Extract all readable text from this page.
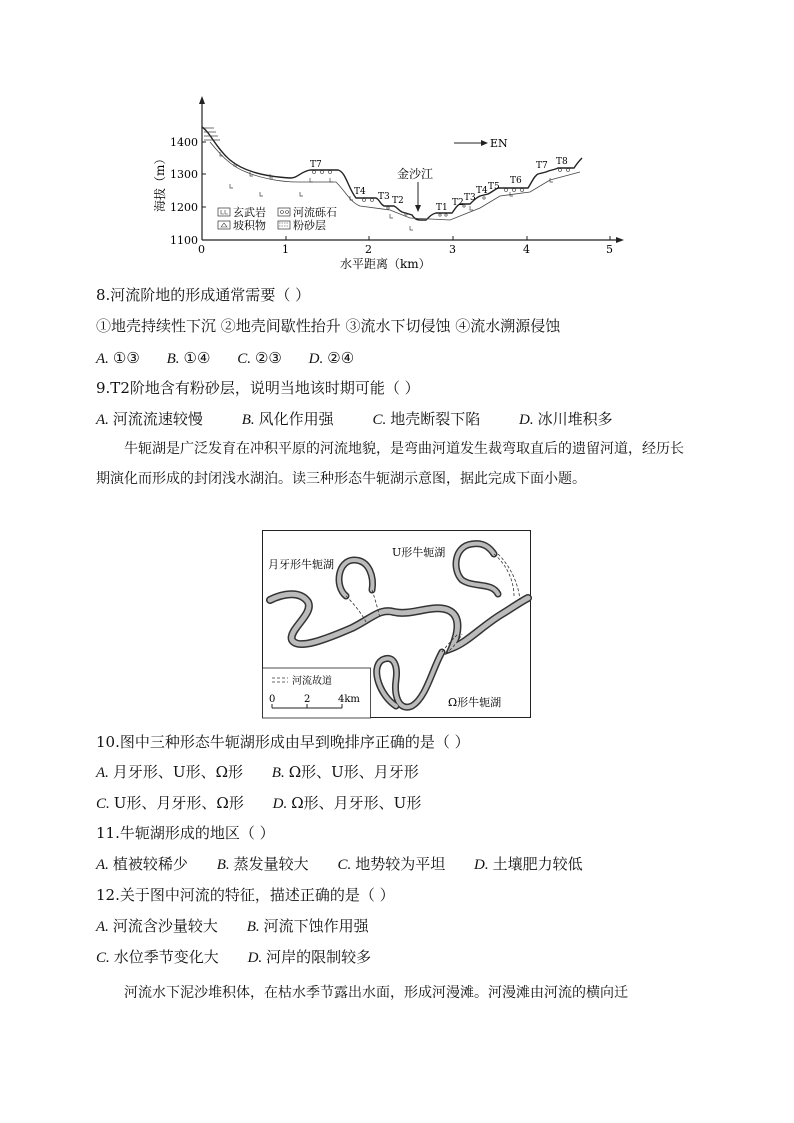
1400
1300
1200
1100
0	1	2	3	4	5
水平距离（km）
海拔（m）	T7
T4 T3 T2
T1 T2 T3
T4 T5
T6
T7 T8
EN
金沙江
玄武岩 河流砾石
坡积物 粉砂层
8.河流阶地的形成通常需要（ ）
①地壳持续性下沉 ②地壳间歇性抬升 ③流水下切侵蚀 ④流水溯源侵蚀
A. ①③ B. ①④ C. ②③ D. ②④
9.T2阶地含有粉砂层，说明当地该时期可能（ ）
A. 河流流速较慢	B. 风化作用强	C. 地壳断裂下陷	D. 冰川堆积多
牛轭湖是广泛发育在冲积平原的河流地貌，是弯曲河道发生裁弯取直后的遗留河道，经历长期演化而形成的封闭浅水湖泊。读三种形态牛轭湖示意图，据此完成下面小题。
月牙形牛轭湖
U形牛轭湖
Ω形牛轭湖
河流故道
0	2	4km
10.图中三种形态牛轭湖形成由早到晚排序正确的是（ ）
A. 月牙形、U形、Ω形 B. Ω形、U形、月牙形
C. U形、月牙形、Ω形 D. Ω形、月牙形、U形
11.牛轭湖形成的地区（ ）
A. 植被较稀少 B. 蒸发量较大 C. 地势较为平坦 D. 土壤肥力较低
12.关于图中河流的特征，描述正确的是（ ）
A. 河流含沙量较大 B. 河流下蚀作用强
C. 水位季节变化大 D. 河岸的限制较多
河流水下泥沙堆积体，在枯水季节露出水面，形成河漫滩。河漫滩由河流的横向迁
